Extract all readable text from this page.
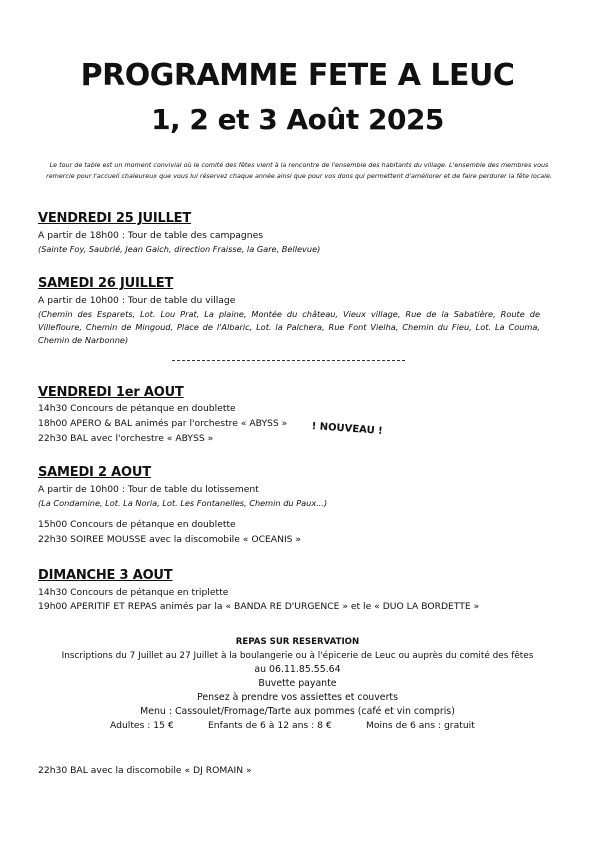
PROGRAMME FETE A LEUC
1, 2 et 3 Août 2025
Le tour de table est un moment convivial où le comité des fêtes vient à la rencontre de l'ensemble des habitants du village. L'ensemble des membres vous remercie pour l'accueil chaleureux que vous lui réservez chaque année ainsi que pour vos dons qui permettent d'améliorer et de faire perdurer la fête locale.
VENDREDI 25 JUILLET
A partir de 18h00 : Tour de table des campagnes
(Sainte Foy, Saubrié, Jean Gaich, direction Fraisse, la Gare, Bellevue)
SAMEDI 26 JUILLET
A partir de 10h00 : Tour de table du village
(Chemin des Esparets, Lot. Lou Prat, La plaine, Montée du château, Vieux village, Rue de la Sabatière, Route de Villefloure, Chemin de Mingoud, Place de l'Albaric, Lot. la Palchera, Rue Font Vielha, Chemin du Fieu, Lot. La Couma, Chemin de Narbonne)
VENDREDI 1er AOUT
14h30 Concours de pétanque en doublette
18h00 APERO & BAL animés par l'orchestre « ABYSS »
22h30 BAL avec l'orchestre « ABYSS »
! NOUVEAU !
SAMEDI 2 AOUT
A partir de 10h00 : Tour de table du lotissement
(La Condamine, Lot. La Noria, Lot. Les Fontanelles, Chemin du Paux...)
15h00 Concours de pétanque en doublette
22h30 SOIREE MOUSSE avec la discomobile « OCEANIS »
DIMANCHE 3 AOUT
14h30 Concours de pétanque en triplette
19h00 APERITIF ET REPAS animés par la « BANDA RE D'URGENCE » et le « DUO LA BORDETTE »
REPAS SUR RESERVATION
Inscriptions du 7 Juillet au 27 Juillet à la boulangerie ou à l'épicerie de Leuc ou auprès du comité des fêtes
au 06.11.85.55.64
Buvette payante
Pensez à prendre vos assiettes et couverts
Menu : Cassoulet/Fromage/Tarte aux pommes (café et vin compris)
Adultes : 15 €	Enfants de 6 à 12 ans : 8 €	Moins de 6 ans : gratuit
22h30 BAL avec la discomobile « DJ ROMAIN »
